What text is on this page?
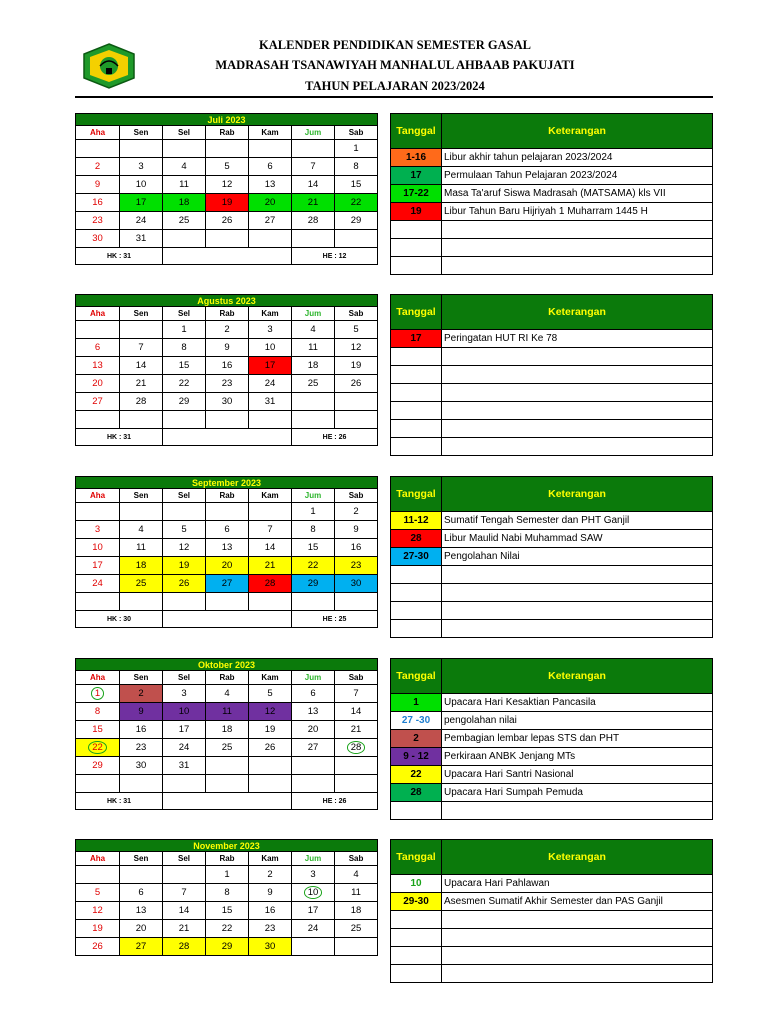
KALENDER PENDIDIKAN SEMESTER GASAL
MADRASAH TSANAWIYAH MANHALUL AHBAAB PAKUJATI
TAHUN PELAJARAN 2023/2024
Juli 2023						
Aha	Sen	Sel	Rab	Kam	Jum	Sab
						1
2	3	4	5	6	7	8
9	10	11	12	13	14	15
16	17	18	19	20	21	22
23	24	25	26	27	28	29
30	31					
HK : 31					HE : 12	
Tanggal	Keterangan
1-16	Libur akhir tahun pelajaran 2023/2024
17	Permulaan Tahun Pelajaran 2023/2024
17-22	Masa Ta'aruf Siswa Madrasah (MATSAMA) kls VII
19	Libur Tahun Baru Hijriyah 1 Muharram 1445 H

Agustus 2023						
Aha	Sen	Sel	Rab	Kam	Jum	Sab
		1	2	3	4	5
6	7	8	9	10	11	12
13	14	15	16	17	18	19
20	21	22	23	24	25	26
27	28	29	30	31		

HK : 31					HE : 26	
Tanggal	Keterangan
17	Peringatan HUT RI Ke 78

September 2023						
Aha	Sen	Sel	Rab	Kam	Jum	Sab
					1	2
3	4	5	6	7	8	9
10	11	12	13	14	15	16
17	18	19	20	21	22	23
24	25	26	27	28	29	30

HK : 30					HE : 25	
Tanggal	Keterangan
11-12	Sumatif Tengah Semester dan PHT Ganjil
28	Libur Maulid Nabi Muhammad SAW
27-30	Pengolahan Nilai

Oktober 2023						
Aha	Sen	Sel	Rab	Kam	Jum	Sab
1	2	3	4	5	6	7
8	9	10	11	12	13	14
15	16	17	18	19	20	21
22	23	24	25	26	27	28
29	30	31				

HK : 31					HE : 26	
Tanggal	Keterangan
1	Upacara Hari Kesaktian Pancasila
27 -30	pengolahan nilai
2	Pembagian lembar lepas STS dan PHT
9 - 12	Perkiraan ANBK Jenjang MTs
22	Upacara Hari Santri Nasional
28	Upacara Hari Sumpah Pemuda

November 2023						
Aha	Sen	Sel	Rab	Kam	Jum	Sab
			1	2	3	4
5	6	7	8	9	10	11
12	13	14	15	16	17	18
19	20	21	22	23	24	25
26	27	28	29	30		
Tanggal	Keterangan
10	Upacara Hari Pahlawan
29-30	Asesmen Sumatif Akhir Semester dan PAS Ganjil
